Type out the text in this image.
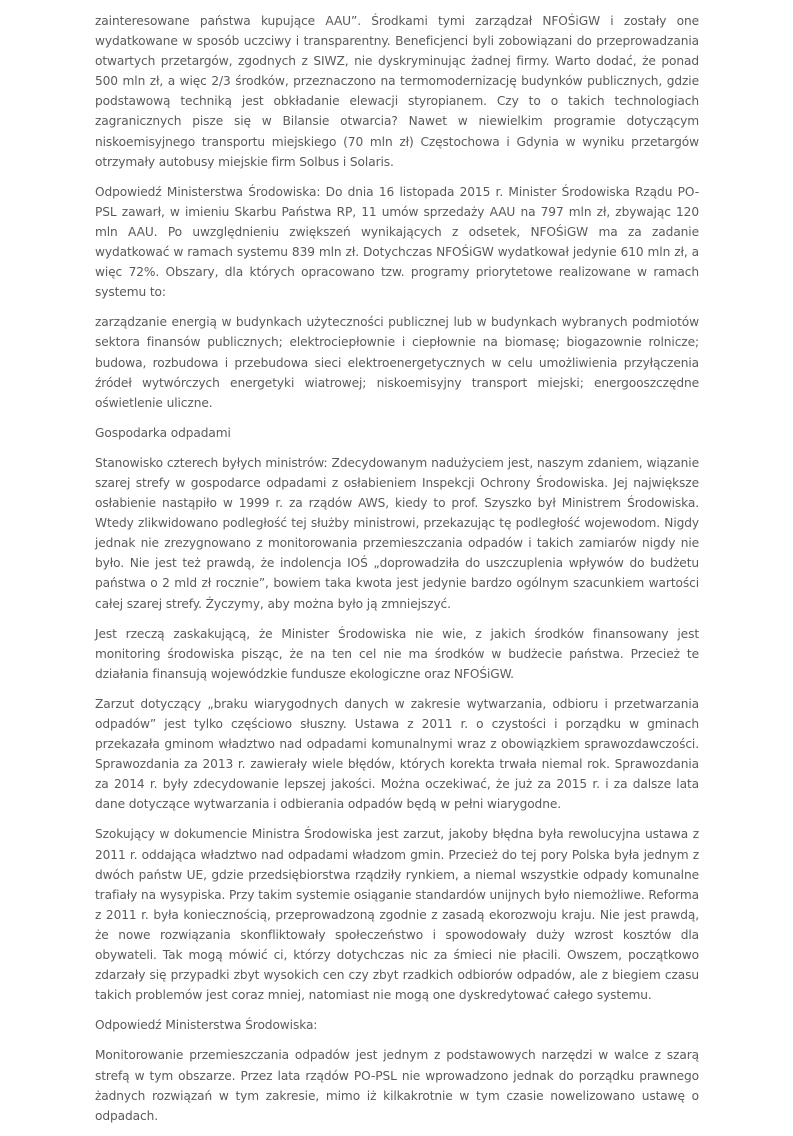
zainteresowane państwa kupujące AAU”. Środkami tymi zarządzał NFOŚiGW i zostały one wydatkowane w sposób uczciwy i transparentny. Beneficjenci byli zobowiązani do przeprowadzania otwartych przetargów, zgodnych z SIWZ, nie dyskryminując żadnej firmy. Warto dodać, że ponad 500 mln zł, a więc 2/3 środków, przeznaczono na termomodernizację budynków publicznych, gdzie podstawową techniką jest obkładanie elewacji styropianem. Czy to o takich technologiach zagranicznych pisze się w Bilansie otwarcia? Nawet w niewielkim programie dotyczącym niskoemisyjnego transportu miejskiego (70 mln zł) Częstochowa i Gdynia w wyniku przetargów otrzymały autobusy miejskie firm Solbus i Solaris.

Odpowiedź Ministerstwa Środowiska: Do dnia 16 listopada 2015 r. Minister Środowiska Rządu PO-PSL zawarł, w imieniu Skarbu Państwa RP, 11 umów sprzedaży AAU na 797 mln zł, zbywając 120 mln AAU. Po uwzględnieniu zwiększeń wynikających z odsetek, NFOŚiGW ma za zadanie wydatkować w ramach systemu 839 mln zł. Dotychczas NFOŚiGW wydatkował jedynie 610 mln zł, a więc 72%. Obszary, dla których opracowano tzw. programy priorytetowe realizowane w ramach systemu to:

zarządzanie energią w budynkach użyteczności publicznej lub w budynkach wybranych podmiotów sektora finansów publicznych; elektrociepłownie i ciepłownie na biomasę; biogazownie rolnicze; budowa, rozbudowa i przebudowa sieci elektroenergetycznych w celu umożliwienia przyłączenia źródeł wytwórczych energetyki wiatrowej; niskoemisyjny transport miejski; energooszczędne oświetlenie uliczne.

Gospodarka odpadami

Stanowisko czterech byłych ministrów: Zdecydowanym nadużyciem jest, naszym zdaniem, wiązanie szarej strefy w gospodarce odpadami z osłabieniem Inspekcji Ochrony Środowiska. Jej największe osłabienie nastąpiło w 1999 r. za rządów AWS, kiedy to prof. Szyszko był Ministrem Środowiska. Wtedy zlikwidowano podległość tej służby ministrowi, przekazując tę podległość wojewodom. Nigdy jednak nie zrezygnowano z monitorowania przemieszczania odpadów i takich zamiarów nigdy nie było. Nie jest też prawdą, że indolencja IOŚ „doprowadziła do uszczuplenia wpływów do budżetu państwa o 2 mld zł rocznie”, bowiem taka kwota jest jedynie bardzo ogólnym szacunkiem wartości całej szarej strefy. Życzymy, aby można było ją zmniejszyć.

Jest rzeczą zaskakującą, że Minister Środowiska nie wie, z jakich środków finansowany jest monitoring środowiska pisząc, że na ten cel nie ma środków w budżecie państwa. Przecież te działania finansują wojewódzkie fundusze ekologiczne oraz NFOŚiGW.

Zarzut dotyczący „braku wiarygodnych danych w zakresie wytwarzania, odbioru i przetwarzania odpadów” jest tylko częściowo słuszny. Ustawa z 2011 r. o czystości i porządku w gminach przekazała gminom władztwo nad odpadami komunalnymi wraz z obowiązkiem sprawozdawczości. Sprawozdania za 2013 r. zawierały wiele błędów, których korekta trwała niemal rok. Sprawozdania za 2014 r. były zdecydowanie lepszej jakości. Można oczekiwać, że już za 2015 r. i za dalsze lata dane dotyczące wytwarzania i odbierania odpadów będą w pełni wiarygodne.

Szokujący w dokumencie Ministra Środowiska jest zarzut, jakoby błędna była rewolucyjna ustawa z 2011 r. oddająca władztwo nad odpadami władzom gmin. Przecież do tej pory Polska była jednym z dwóch państw UE, gdzie przedsiębiorstwa rządziły rynkiem, a niemal wszystkie odpady komunalne trafiały na wysypiska. Przy takim systemie osiąganie standardów unijnych było niemożliwe. Reforma z 2011 r. była koniecznością, przeprowadzoną zgodnie z zasadą ekorozwoju kraju. Nie jest prawdą, że nowe rozwiązania skonfliktowały społeczeństwo i spowodowały duży wzrost kosztów dla obywateli. Tak mogą mówić ci, którzy dotychczas nic za śmieci nie płacili. Owszem, początkowo zdarzały się przypadki zbyt wysokich cen czy zbyt rzadkich odbiorów odpadów, ale z biegiem czasu takich problemów jest coraz mniej, natomiast nie mogą one dyskredytować całego systemu.

Odpowiedź Ministerstwa Środowiska:

Monitorowanie przemieszczania odpadów jest jednym z podstawowych narzędzi w walce z szarą strefą w tym obszarze. Przez lata rządów PO-PSL nie wprowadzono jednak do porządku prawnego żadnych rozwiązań w tym zakresie, mimo iż kilkakrotnie w tym czasie nowelizowano ustawę o odpadach.
